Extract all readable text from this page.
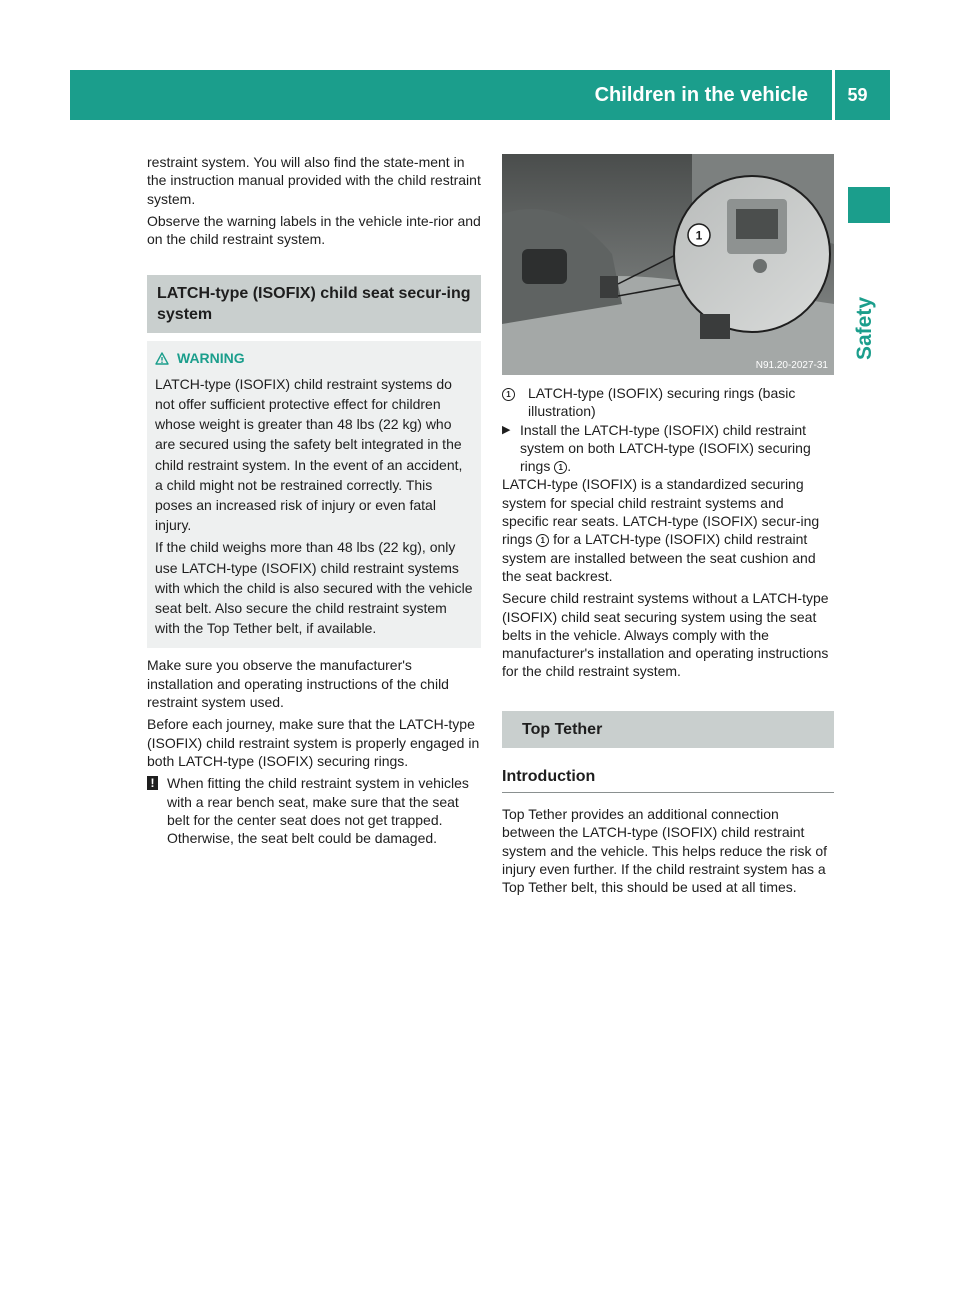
Children in the vehicle	59
Safety

restraint system. You will also find the state-ment in the instruction manual provided with the child restraint system.

Observe the warning labels in the vehicle inte-rior and on the child restraint system.

LATCH-type (ISOFIX) child seat secur-ing system
WARNING

LATCH-type (ISOFIX) child restraint systems do not offer sufficient protective effect for children whose weight is greater than 48 lbs (22 kg) who are secured using the safety belt integrated in the child restraint system. In the event of an accident, a child might not be restrained correctly. This poses an increased risk of injury or even fatal injury.

If the child weighs more than 48 lbs (22 kg), only use LATCH-type (ISOFIX) child restraint systems with which the child is also secured with the vehicle seat belt. Also secure the child restraint system with the Top Tether belt, if available.

Make sure you observe the manufacturer's installation and operating instructions of the child restraint system used.

Before each journey, make sure that the LATCH-type (ISOFIX) child restraint system is properly engaged in both LATCH-type (ISOFIX) securing rings.

! When fitting the child restraint system in vehicles with a rear bench seat, make sure that the seat belt for the center seat does not get trapped. Otherwise, the seat belt could be damaged.
1
N91.20-2027-31
1	LATCH-type (ISOFIX) securing rings (basic illustration)
▶ Install the LATCH-type (ISOFIX) child restraint system on both LATCH-type (ISOFIX) securing rings 1 .

LATCH-type (ISOFIX) is a standardized securing system for special child restraint systems and specific rear seats. LATCH-type (ISOFIX) secur-ing rings 1 for a LATCH-type (ISOFIX) child restraint system are installed between the seat cushion and the seat backrest.

Secure child restraint systems without a LATCH-type (ISOFIX) child seat securing system using the seat belts in the vehicle. Always comply with the manufacturer's installation and operating instructions for the child restraint system.

Top Tether
Introduction

Top Tether provides an additional connection between the LATCH-type (ISOFIX) child restraint system and the vehicle. This helps reduce the risk of injury even further. If the child restraint system has a Top Tether belt, this should be used at all times.
